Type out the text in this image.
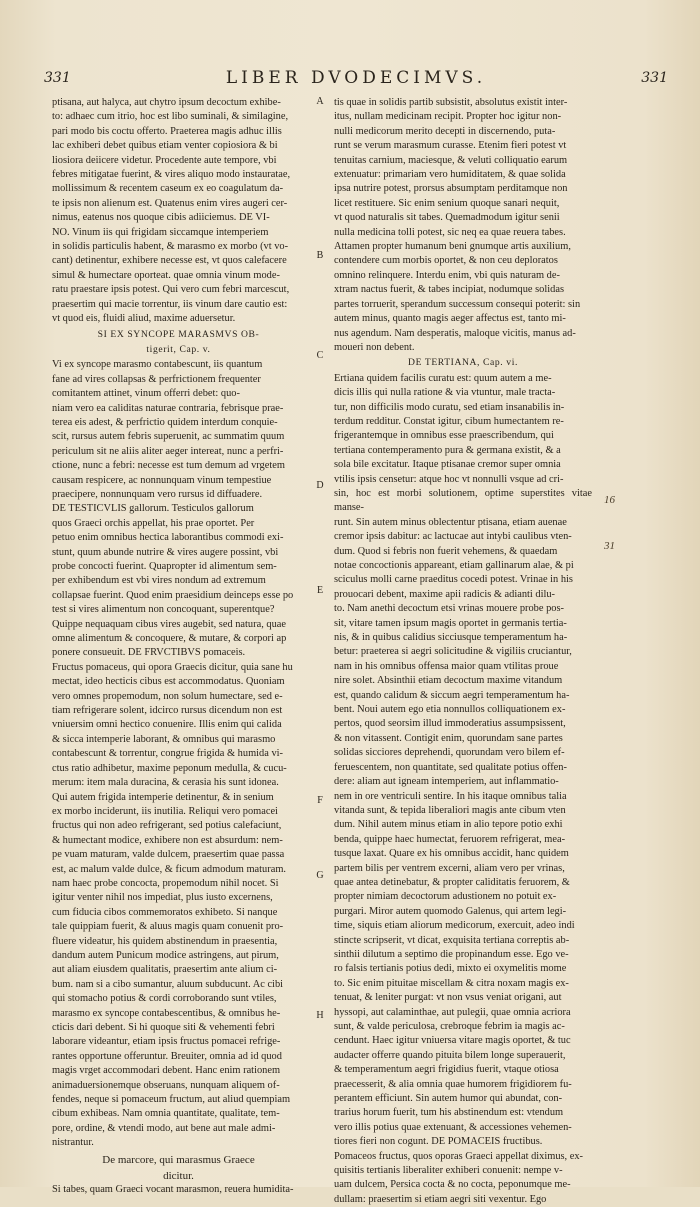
331	LIBER DVODECIMVS.	331

ptisana, aut halyca, aut chytro ipsum decoctum exhibe-

to: adhaec cum itrio, hoc est libo suminali, & similagine,

pari modo bis coctu offerto. Praeterea magis adhuc illis

lac exhiberi debet quibus etiam venter copiosiora & bi

liosiora deiicere videtur. Procedente aute tempore, vbi

febres mitigatae fuerint, & vires aliquo modo instauratae,

mollissimum & recentem caseum ex eo coagulatum da-

te ipsis non alienum est. Quatenus enim vires augeri cer-

nimus, eatenus nos quoque cibis adiiciemus. DE VI-

NO. Vinum iis qui frigidam siccamque intemperiem

in solidis particulis habent, & marasmo ex morbo (vt vo-

cant) detinentur, exhibere necesse est, vt quos calefacere

simul & humectare oporteat. quae omnia vinum mode-

ratu praestare ipsis potest. Qui vero cum febri marcescut,

praesertim qui macie torrentur, iis vinum dare cautio est:

vt quod eis, fluidi aliud, maxime aduersetur.

SI EX SYNCOPE MARASMVS OB-

tigerit, Cap. v.

Vi ex syncope marasmo contabescunt, iis quantum

fane ad vires collapsas & perfrictionem frequenter

comitantem attinet, vinum offerri debet: quo-

niam vero ea caliditas naturae contraria, febrisque prae-

terea eis adest, & perfrictio quidem interdum conquie-

scit, rursus autem febris superuenit, ac summatim quum

periculum sit ne aliis aliter aeger intereat, nunc a perfri-

ctione, nunc a febri: necesse est tum demum ad vrgetem

causam respicere, ac nonnunquam vinum tempestiue

praecipere, nonnunquam vero rursus id diffuadere.

DE TESTICVLIS gallorum. Testiculos gallorum

quos Graeci orchis appellat, his prae oportet. Per

petuo enim omnibus hectica laborantibus commodi exi-

stunt, quum abunde nutrire & vires augere possint, vbi

probe concocti fuerint. Quapropter id alimentum sem-

per exhibendum est vbi vires nondum ad extremum

collapsae fuerint. Quod enim praesidium deinceps esse po

test si vires alimentum non concoquant, superentque?

Quippe nequaquam cibus vires augebit, sed natura, quae

omne alimentum & concoquere, & mutare, & corpori ap

ponere consueuit. DE FRVCTIBVS pomaceis.

Fructus pomaceus, qui opora Graecis dicitur, quia sane hu

mectat, ideo hecticis cibus est accommodatus. Quoniam

vero omnes propemodum, non solum humectare, sed e-

tiam refrigerare solent, idcirco rursus dicendum non est

vniuersim omni hectico conuenire. Illis enim qui calida

& sicca intemperie laborant, & omnibus qui marasmo

contabescunt & torrentur, congrue frigida & humida vi-

ctus ratio adhibetur, maxime peponum medulla, & cucu-

merum: item mala duracina, & cerasia his sunt idonea.

Qui autem frigida intemperie detinentur, & in senium

ex morbo inciderunt, iis inutilia. Reliqui vero pomacei

fructus qui non adeo refrigerant, sed potius calefaciunt,

& humectant modice, exhibere non est absurdum: nem-

pe vuam maturam, valde dulcem, praesertim quae passa

est, ac malum valde dulce, & ficum admodum maturam.

nam haec probe concocta, propemodum nihil nocet. Si

igitur venter nihil nos impediat, plus iusto excernens,

cum fiducia cibos commemoratos exhibeto. Si nanque

tale quippiam fuerit, & aluus magis quam conuenit pro-

fluere videatur, his quidem abstinendum in praesentia,

dandum autem Punicum modice astringens, aut pirum,

aut aliam eiusdem qualitatis, praesertim ante alium ci-

bum. nam si a cibo sumantur, aluum subducunt. Ac cibi

qui stomacho potius & cordi corroborando sunt vtiles,

marasmo ex syncope contabescentibus, & omnibus he-

cticis dari debent. Si hi quoque siti & vehementi febri

laborare videantur, etiam ipsis fructus pomacei refrige-

rantes opportune offeruntur. Breuiter, omnia ad id quod

magis vrget accommodari debent. Hanc enim rationem

animaduersionemque obseruans, nunquam aliquem of-

fendes, neque si pomaceum fructum, aut aliud quempiam

cibum exhibeas. Nam omnia quantitate, qualitate, tem-

pore, ordine, & vtendi modo, aut bene aut male admi-

nistrantur.

De marcore, qui marasmus Graece

dicitur.

Si tabes, quam Graeci vocant marasmon, reuera humidita-

tis quae in solidis partib subsistit, absolutus existit inter-

itus, nullam medicinam recipit. Propter hoc igitur non-

nulli medicorum merito decepti in discernendo, puta-

runt se verum marasmum curasse. Etenim fieri potest vt

tenuitas carnium, maciesque, & veluti colliquatio earum

extenuatur: primariam vero humiditatem, & quae solida

ipsa nutrire potest, prorsus absumptam perditamque non

licet restituere. Sic enim senium quoque sanari nequit,

vt quod naturalis sit tabes. Quemadmodum igitur senii

nulla medicina tolli potest, sic neq ea quae reuera tabes.

Attamen propter humanum beni gnumque artis auxilium,

contendere cum morbis oportet, & non ceu deploratos

omnino relinquere. Interdu enim, vbi quis naturam de-

xtram nactus fuerit, & tabes incipiat, nodumque solidas

partes torruerit, sperandum successum consequi poterit: sin

autem minus, quanto magis aeger affectus est, tanto mi-

nus agendum. Nam desperatis, maloque vicitis, manus ad-

moueri non debent.

DE TERTIANA, Cap. vi.

Ertiana quidem facilis curatu est: quum autem a me-

dicis illis qui nulla ratione & via vtuntur, male tracta-

tur, non difficilis modo curatu, sed etiam insanabilis in-

terdum redditur. Constat igitur, cibum humectantem re-

frigerantemque in omnibus esse praescribendum, qui

tertiana contemperamento pura & germana existit, & a

sola bile excitatur. Itaque ptisanae cremor super omnia

vtilis ipsis censetur: atque hoc vt nonnulli vsque ad cri-

sin, hoc est morbi solutionem, optime superstites vitae manse-

runt. Sin autem minus oblectentur ptisana, etiam auenae

cremor ipsis dabitur: ac lactucae aut intybi caulibus vten-

dum. Quod si febris non fuerit vehemens, & quaedam

notae concoctionis appareant, etiam gallinarum alae, & pi

sciculus molli carne praeditus cocedi potest. Vrinae in his

prouocari debent, maxime apii radicis & adianti dilu-

to. Nam anethi decoctum etsi vrinas mouere probe pos-

sit, vitare tamen ipsum magis oportet in germanis tertia-

nis, & in quibus calidius sicciusque temperamentum ha-

betur: praeterea si aegri solicitudine & vigiliis cruciantur,

nam in his omnibus offensa maior quam vtilitas proue

nire solet. Absinthii etiam decoctum maxime vitandum

est, quando calidum & siccum aegri temperamentum ha-

bent. Noui autem ego etia nonnullos colliquationem ex-

pertos, quod seorsim illud immoderatius assumpsissent,

& non vitassent. Contigit enim, quorundam sane partes

solidas sicciores deprehendi, quorundam vero bilem ef-

feruescentem, non quantitate, sed qualitate potius offen-

dere: aliam aut igneam intemperiem, aut inflammatio-

nem in ore ventriculi sentire. In his itaque omnibus talia

vitanda sunt, & tepida liberaliori magis ante cibum vten

dum. Nihil autem minus etiam in alio tepore potio exhi

benda, quippe haec humectat, feruorem refrigerat, mea-

tusque laxat. Quare ex his omnibus accidit, hanc quidem

partem bilis per ventrem excerni, aliam vero per vrinas,

quae antea detinebatur, & propter caliditatis feruorem, &

propter nimiam decoctorum adustionem no potuit ex-

purgari. Miror autem quomodo Galenus, qui artem legi-

time, siquis etiam aliorum medicorum, exercuit, adeo indi

stincte scripserit, vt dicat, exquisita tertiana correptis ab-

sinthii dilutum a septimo die propinandum esse. Ego ve-

ro falsis tertianis potius dedi, mixto ei oxymelitis mome

to. Sic enim pituitae miscellam & citra noxam magis ex-

tenuat, & leniter purgat: vt non vsus veniat origani, aut

hyssopi, aut calaminthae, aut pulegii, quae omnia acriora

sunt, & valde periculosa, crebroque febrim ia magis ac-

cendunt. Haec igitur vniuersa vitare magis oportet, & tuc

audacter offerre quando pituita bilem longe superauerit,

& temperamentum aegri frigidius fuerit, vtaque otiosa

praecesserit, & alia omnia quae humorem frigidiorem fu-

perantem efficiunt. Sin autem humor qui abundat, con-

trarius horum fuerit, tum his abstinendum est: vtendum

vero illis potius quae extenuant, & accessiones vehemen-

tiores fieri non cogunt. DE POMACEIS fructibus.

Pomaceos fructus, quos oporas Graeci appellat diximus, ex-

quisitis tertianis liberaliter exhiberi conuenit: nempe v-

uam dulcem, Persica cocta & no cocta, peponumque me-

dullam: praesertim si etiam aegri siti vexentur. Ego

A
B
C
D
E
F
G
H
16
31
